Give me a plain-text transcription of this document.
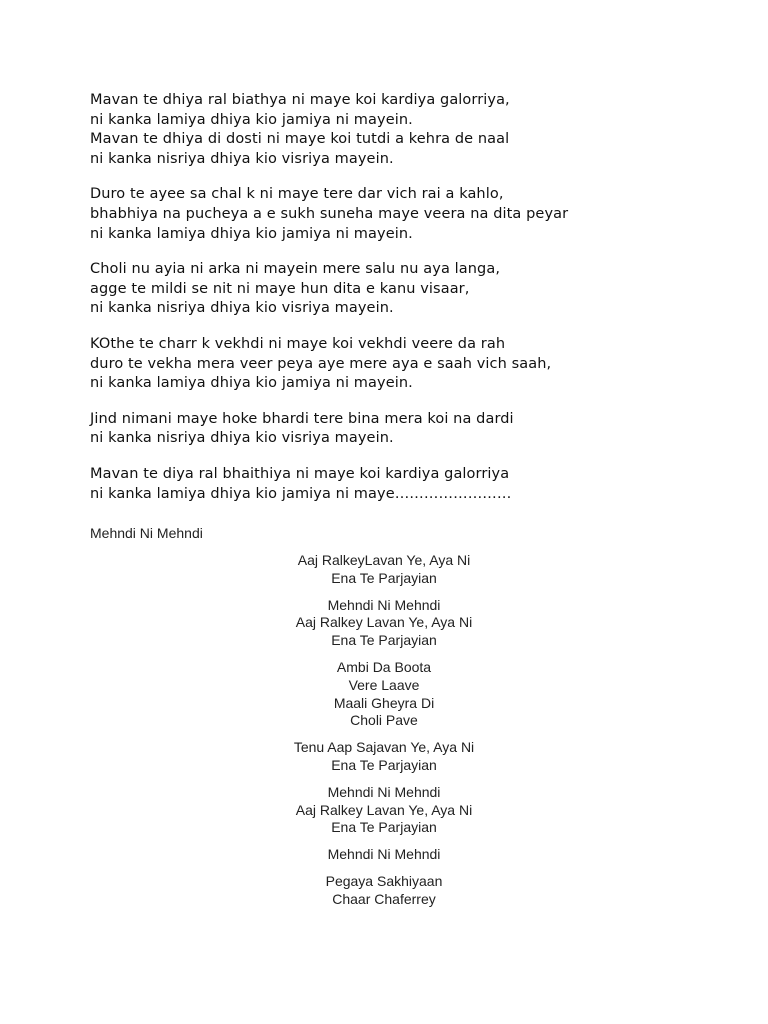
Mavan te dhiya ral biathya ni maye koi kardiya galorriya,
ni kanka lamiya dhiya kio jamiya ni mayein.
Mavan te dhiya di dosti ni maye koi tutdi a kehra de naal
ni kanka nisriya dhiya kio visriya mayein.
Duro te ayee sa chal k ni maye tere dar vich rai a kahlo,
bhabhiya na pucheya a e sukh suneha maye veera na dita peyar
ni kanka lamiya dhiya kio jamiya ni mayein.
Choli nu ayia ni arka ni mayein mere salu nu aya langa,
agge te mildi se nit ni maye hun dita e kanu visaar,
ni kanka nisriya dhiya kio visriya mayein.
KOthe te charr k vekhdi ni maye koi vekhdi veere da rah
duro te vekha mera veer peya aye mere aya e saah vich saah,
ni kanka lamiya dhiya kio jamiya ni mayein.
Jind nimani maye hoke bhardi tere bina mera koi na dardi
ni kanka nisriya dhiya kio visriya mayein.
Mavan te diya ral bhaithiya ni maye koi kardiya galorriya
ni kanka lamiya dhiya kio jamiya ni maye……………………
Mehndi Ni Mehndi
Aaj RalkeyLavan Ye, Aya Ni
Ena Te Parjayian
Mehndi Ni Mehndi
Aaj Ralkey Lavan Ye, Aya Ni
Ena Te Parjayian
Ambi Da Boota
Vere Laave
Maali Gheyra Di
Choli Pave
Tenu Aap Sajavan Ye, Aya Ni
Ena Te Parjayian
Mehndi Ni Mehndi
Aaj Ralkey Lavan Ye, Aya Ni
Ena Te Parjayian
Mehndi Ni Mehndi
Pegaya Sakhiyaan
Chaar Chaferrey
